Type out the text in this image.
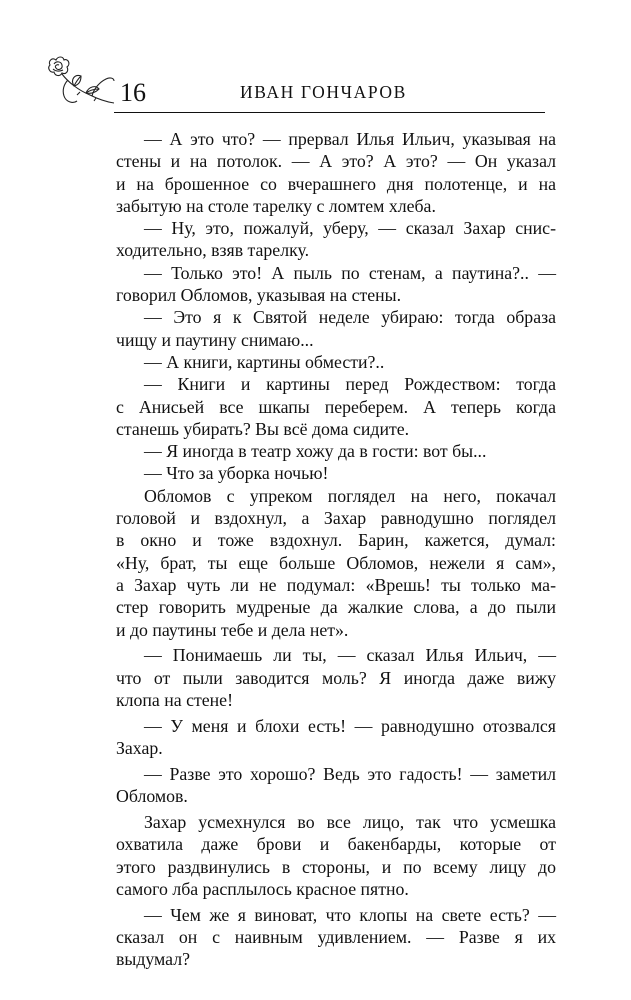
16	ИВАН ГОНЧАРОВ
— А это что? — прервал Илья Ильич, указывая на
стены и на потолок. — А это? А это? — Он указал
и на брошенное со вчерашнего дня полотенце, и на
забытую на столе тарелку с ломтем хлеба.
— Ну, это, пожалуй, уберу, — сказал Захар снис-
ходительно, взяв тарелку.
— Только это! А пыль по стенам, а паутина?.. —
говорил Обломов, указывая на стены.
— Это я к Святой неделе убираю: тогда образа
чищу и паутину снимаю...
— А книги, картины обмести?..
— Книги и картины перед Рождеством: тогда
с Анисьей все шкапы переберем. А теперь когда
станешь убирать? Вы всё дома сидите.
— Я иногда в театр хожу да в гости: вот бы...
— Что за уборка ночью!
Обломов с упреком поглядел на него, покачал
головой и вздохнул, а Захар равнодушно поглядел
в окно и тоже вздохнул. Барин, кажется, думал:
«Ну, брат, ты еще больше Обломов, нежели я сам»,
а Захар чуть ли не подумал: «Врешь! ты только ма-
стер говорить мудреные да жалкие слова, а до пыли
и до паутины тебе и дела нет».
— Понимаешь ли ты, — сказал Илья Ильич, —
что от пыли заводится моль? Я иногда даже вижу
клопа на стене!
— У меня и блохи есть! — равнодушно отозвался
Захар.
— Разве это хорошо? Ведь это гадость! — заметил
Обломов.
Захар усмехнулся во все лицо, так что усмешка
охватила даже брови и бакенбарды, которые от
этого раздвинулись в стороны, и по всему лицу до
самого лба расплылось красное пятно.
— Чем же я виноват, что клопы на свете есть? —
сказал он с наивным удивлением. — Разве я их
выдумал?
